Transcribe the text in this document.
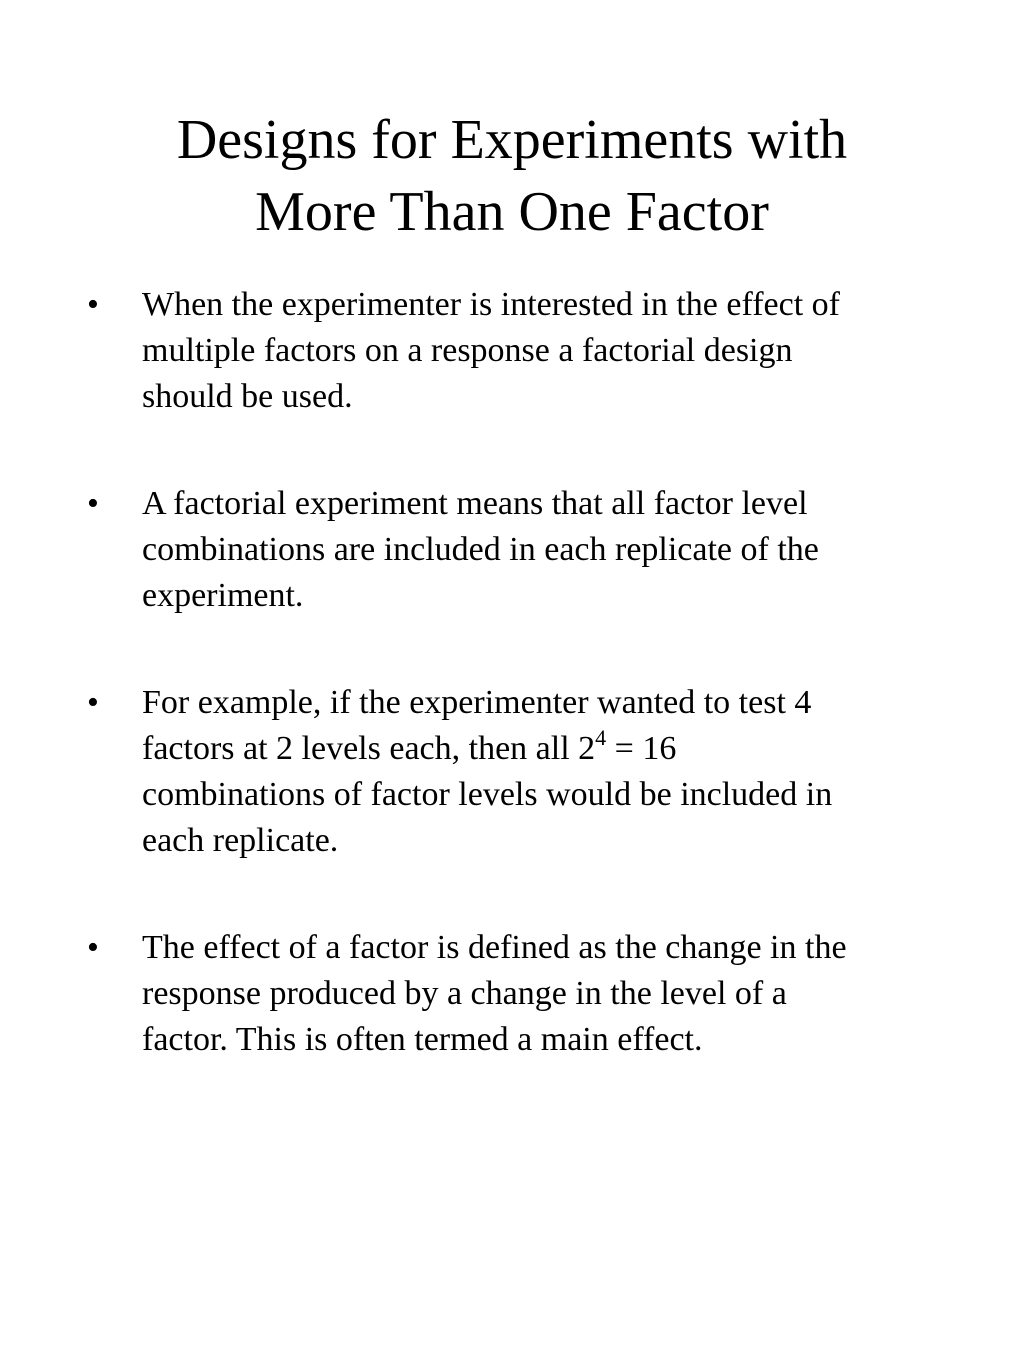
Designs for Experiments with
More Than One Factor
• When the experimenter is interested in the effect of
multiple factors on a response a factorial design
should be used.
• A factorial experiment means that all factor level
combinations are included in each replicate of the
experiment.
• For example, if the experimenter wanted to test 4
factors at 2 levels each, then all $2^4 = 16$
combinations of factor levels would be included in
each replicate.
• The effect of a factor is defined as the change in the
response produced by a change in the level of a
factor. This is often termed a main effect.
